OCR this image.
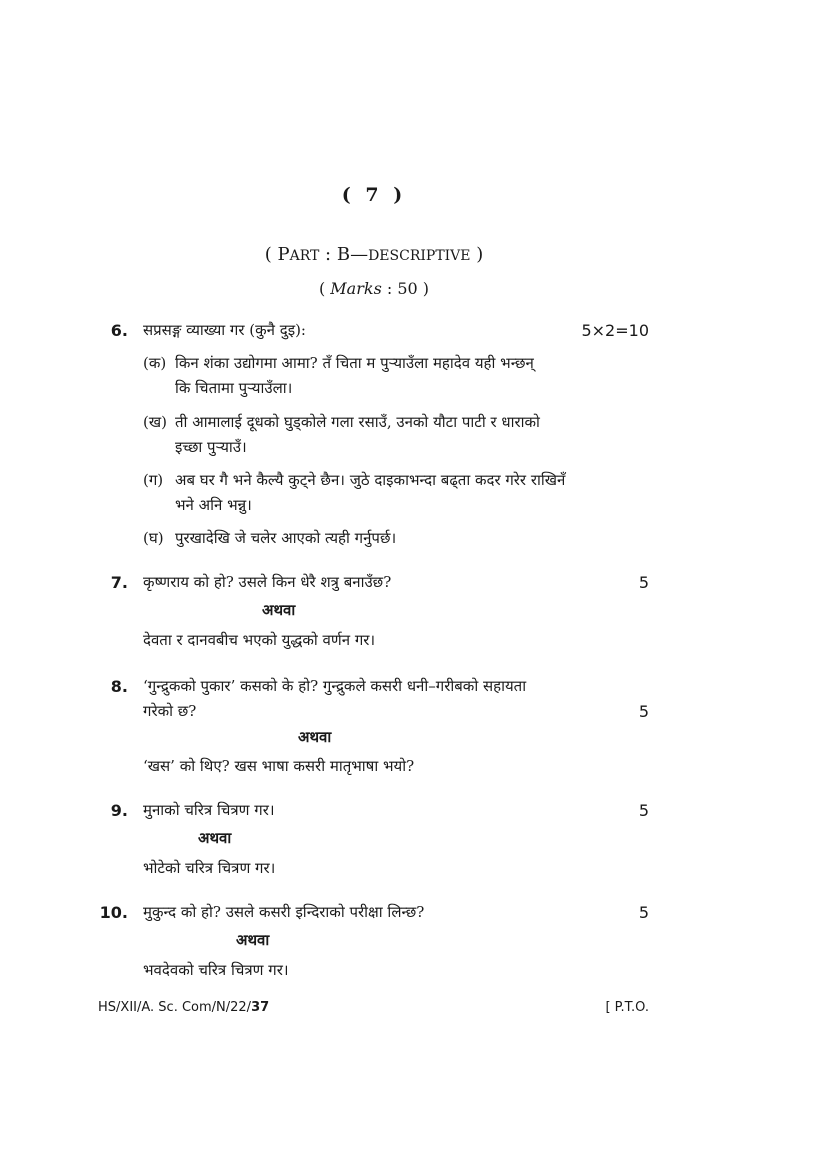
( 7 )
( PART : B—DESCRIPTIVE )
( Marks : 50 )
6. सप्रसङ्ग व्याख्या गर (कुनै दुइ):	5×2=10
(क) किन शंका उद्योगमा आमा? तँ चिता म पुऱ्याउँला महादेव यही भन्छन्
कि चितामा पुऱ्याउँला।
(ख) ती आमालाई दूधको घुड्कोले गला रसाउँ, उनको यौटा पाटी र धाराको
इच्छा पुऱ्याउँ।
(ग) अब घर गै भने कैल्यै कुट्ने छैन। जुठे दाइकाभन्दा बढ्ता कदर गरेर राखिनँ
भने अनि भन्नु।
(घ) पुरखादेखि जे चलेर आएको त्यही गर्नुपर्छ।
7. कृष्णराय को हो? उसले किन धेरै शत्रु बनाउँछ?	5
अथवा
देवता र दानवबीच भएको युद्धको वर्णन गर।
8. ‘गुन्द्रुकको पुकार’ कसको के हो? गुन्द्रुकले कसरी धनी–गरीबको सहायता
गरेको छ?	5
अथवा
‘खस’ को थिए? खस भाषा कसरी मातृभाषा भयो?
9. मुनाको चरित्र चित्रण गर।	5
अथवा
भोटेको चरित्र चित्रण गर।
10. मुकुन्द को हो? उसले कसरी इन्दिराको परीक्षा लिन्छ?	5
अथवा
भवदेवको चरित्र चित्रण गर।
HS/XII/A. Sc. Com/N/22/37	[ P.T.O.
